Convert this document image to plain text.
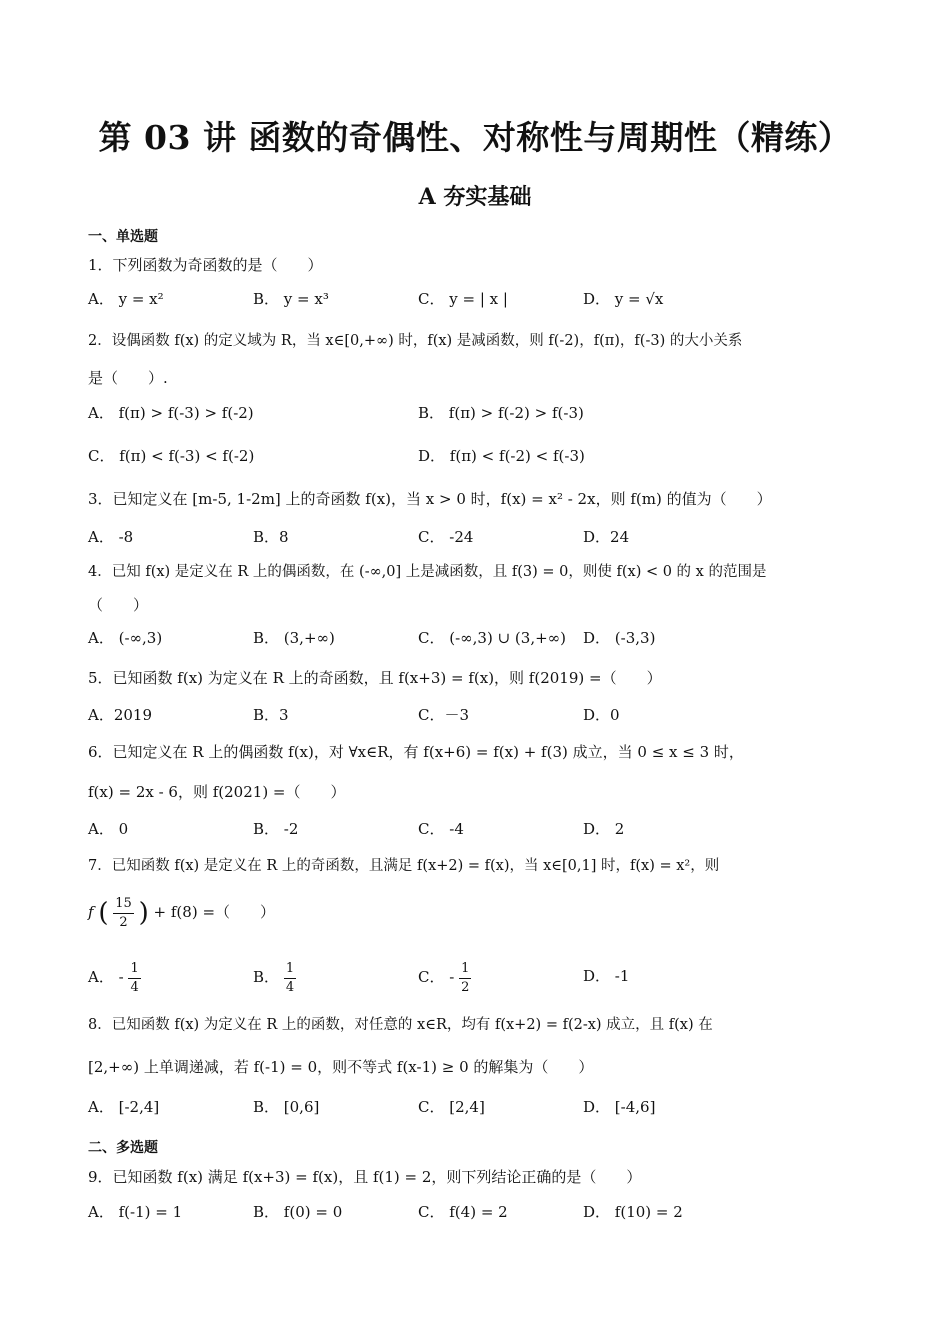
第 03 讲 函数的奇偶性、对称性与周期性（精练）
A 夯实基础
一、单选题
1．下列函数为奇函数的是（　　）
A． y = x²	B． y = x³	C． y = | x |	D． y = √x
2．设偶函数 f(x) 的定义域为 R，当 x∈[0,+∞) 时，f(x) 是减函数，则 f(-2)，f(π)，f(-3) 的大小关系
是（　　）.
A． f(π) > f(-3) > f(-2)	B． f(π) > f(-2) > f(-3)
C． f(π) < f(-3) < f(-2)	D． f(π) < f(-2) < f(-3)
3．已知定义在 [m-5, 1-2m] 上的奇函数 f(x)，当 x > 0 时，f(x) = x² - 2x，则 f(m) 的值为（　　）
A． -8	B．8	C． -24	D．24
4．已知 f(x) 是定义在 R 上的偶函数，在 (-∞,0] 上是减函数，且 f(3) = 0，则使 f(x) < 0 的 x 的范围是
（　　）
A． (-∞,3)	B． (3,+∞)	C． (-∞,3) ∪ (3,+∞) D． (-3,3)
5．已知函数 f(x) 为定义在 R 上的奇函数，且 f(x+3) = f(x)，则 f(2019) =（　　）
A．2019	B．3	C．－3	D．0
6．已知定义在 R 上的偶函数 f(x)，对 ∀x∈R，有 f(x+6) = f(x) + f(3) 成立，当 0 ≤ x ≤ 3 时，
f(x) = 2x - 6，则 f(2021) =（　　）
A． 0	B． -2	C． -4	D． 2
7．已知函数 f(x) 是定义在 R 上的奇函数，且满足 f(x+2) = f(x)，当 x∈[0,1] 时，f(x) = x²，则
f ( $\frac{15}{2}$ ) + f(8) =（　　）
A． - $\frac{1}{4}$	B． $\frac{1}{4}$	C． - $\frac{1}{2}$	D． -1
8．已知函数 f(x) 为定义在 R 上的函数，对任意的 x∈R，均有 f(x+2) = f(2-x) 成立，且 f(x) 在
[2,+∞) 上单调递减，若 f(-1) = 0，则不等式 f(x-1) ≥ 0 的解集为（　　）
A． [-2,4]	B． [0,6]	C． [2,4]	D． [-4,6]
二、多选题
9．已知函数 f(x) 满足 f(x+3) = f(x)，且 f(1) = 2，则下列结论正确的是（　　）
A． f(-1) = 1	B． f(0) = 0	C． f(4) = 2	D． f(10) = 2
